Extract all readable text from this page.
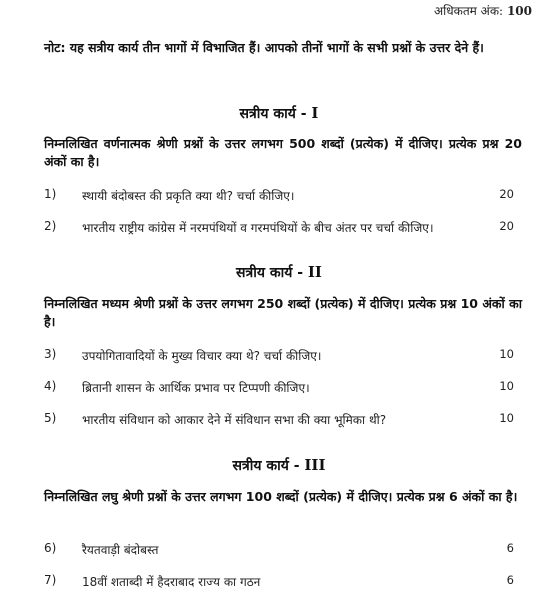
अधिकतम अंक: 100
नोट: यह सत्रीय कार्य तीन भागों में विभाजित हैं। आपको तीनों भागों के सभी प्रश्नों के उत्तर देने हैं।
सत्रीय कार्य - I
निम्नलिखित वर्णनात्मक श्रेणी प्रश्नों के उत्तर लगभग 500 शब्दों (प्रत्येक) में दीजिए। प्रत्येक प्रश्न 20 अंकों का है।
1) स्थायी बंदोबस्त की प्रकृति क्या थी? चर्चा कीजिए।	20
2) भारतीय राष्ट्रीय कांग्रेस में नरमपंथियों व गरमपंथियों के बीच अंतर पर चर्चा कीजिए।	20
सत्रीय कार्य - II
निम्नलिखित मध्यम श्रेणी प्रश्नों के उत्तर लगभग 250 शब्दों (प्रत्येक) में दीजिए। प्रत्येक प्रश्न 10 अंकों का है।
3) उपयोगितावादियों के मुख्य विचार क्या थे? चर्चा कीजिए।	10
4) ब्रितानी शासन के आर्थिक प्रभाव पर टिप्पणी कीजिए।	10
5) भारतीय संविधान को आकार देने में संविधान सभा की क्या भूमिका थी?	10
सत्रीय कार्य - III
निम्नलिखित लघु श्रेणी प्रश्नों के उत्तर लगभग 100 शब्दों (प्रत्येक) में दीजिए। प्रत्येक प्रश्न 6 अंकों का है।
6) रैयतवाड़ी बंदोबस्त	6
7) 18वीं शताब्दी में हैदराबाद राज्य का गठन	6
